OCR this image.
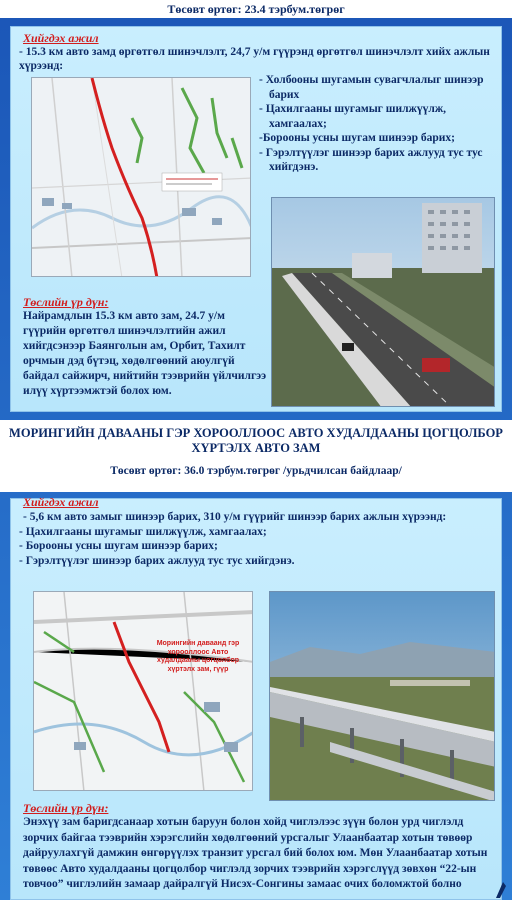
Төсөвт өртөг: 23.4 тэрбум.төгрөг
Хийгдэх ажил
- 15.3 км авто замд өргөтгөл шинэчлэлт, 24,7 у/м гүүрэнд өргөтгөл шинэчлэлт хийх ажлын хүрээнд:
- Холбооны шугамын сувагчлалыг шинээр барих
- Цахилгааны шугамыг шилжүүлж, хамгаалах;
-Бороoны усны шугам шинээр барих;
- Гэрэлтүүлэг шинээр барих ажлууд тус тус хийгдэнэ.
Төслийн үр дүн:
Найрамдлын 15.3 км авто зам, 24.7 у/м гүүрийн өргөтгөл шинэчлэлтийн ажил хийгдсэнээр Баянголын ам, Орбит, Тахилт орчмын дэд бүтэц, хөдөлгөөний аюулгүй байдал сайжирч, нийтийн тээврийн үйлчилгээ илүү хүртээмжтэй болох юм.
МОРИНГИЙН ДАВААНЫ ГЭР ХОРООЛЛООС АВТО ХУДАЛДААНЫ ЦОГЦОЛБОР ХҮРТЭЛХ АВТО ЗАМ
Төсөвт өртөг: 36.0 тэрбум.төгрөг /урьдчилсан байдлаар/
Хийгдэх ажил
- 5,6 км авто замыг шинээр барих, 310 у/м гүүрийг шинээр барих ажлын хүрээнд:
- Цахилгааны шугамыг шилжүүлж, хамгаалах;
- Бороoны усны шугам шинээр барих;
- Гэрэлтүүлэг шинээр барих ажлууд тус тус хийгдэнэ.
Морингийн даваанд гэр хорооллоос Авто худалдааны цогцолбор хүртэлх зам, гүүр
Төслийн үр дүн:
Энэхүү зам баригдсанаар хотын баруун болон хойд чиглэлээс зүүн болон урд чиглэлд зорчих байгаа тээврийн хэрэгслийн хөдөлгөөний урсгалыг Улаанбаатар хотын төвөөр дайруулахгүй дамжин өнгөрүүлэх транзит урсгал бий болох юм. Мөн Улаанбаатар хотын төвөөс Авто худалдааны цогцолбор чиглэлд зорчих тээврийн хэрэгслүүд зөвхөн “22-ын товчоо” чиглэлийн замаар дайралгүй Нисэх-Сонгины замаас очих боломжтой болно
